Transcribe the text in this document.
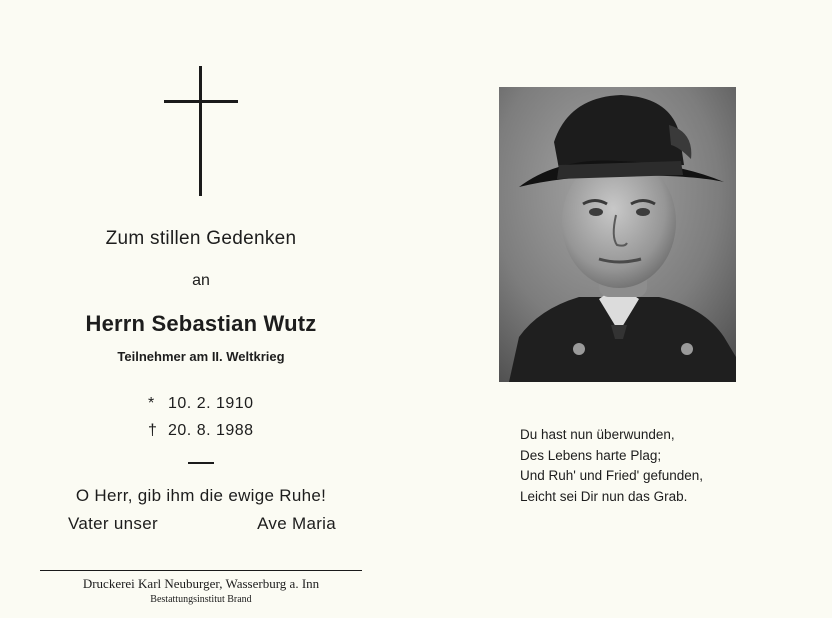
Zum stillen Gedenken
an
Herrn Sebastian Wutz
Teilnehmer am II. Weltkrieg
* 10. 2. 1910
† 20. 8. 1988
O Herr, gib ihm die ewige Ruhe!
Vater unser	Ave Maria
Druckerei Karl Neuburger, Wasserburg a. Inn
Bestattungsinstitut Brand
Du hast nun überwunden,
Des Lebens harte Plag;
Und Ruh' und Fried' gefunden,
Leicht sei Dir nun das Grab.
